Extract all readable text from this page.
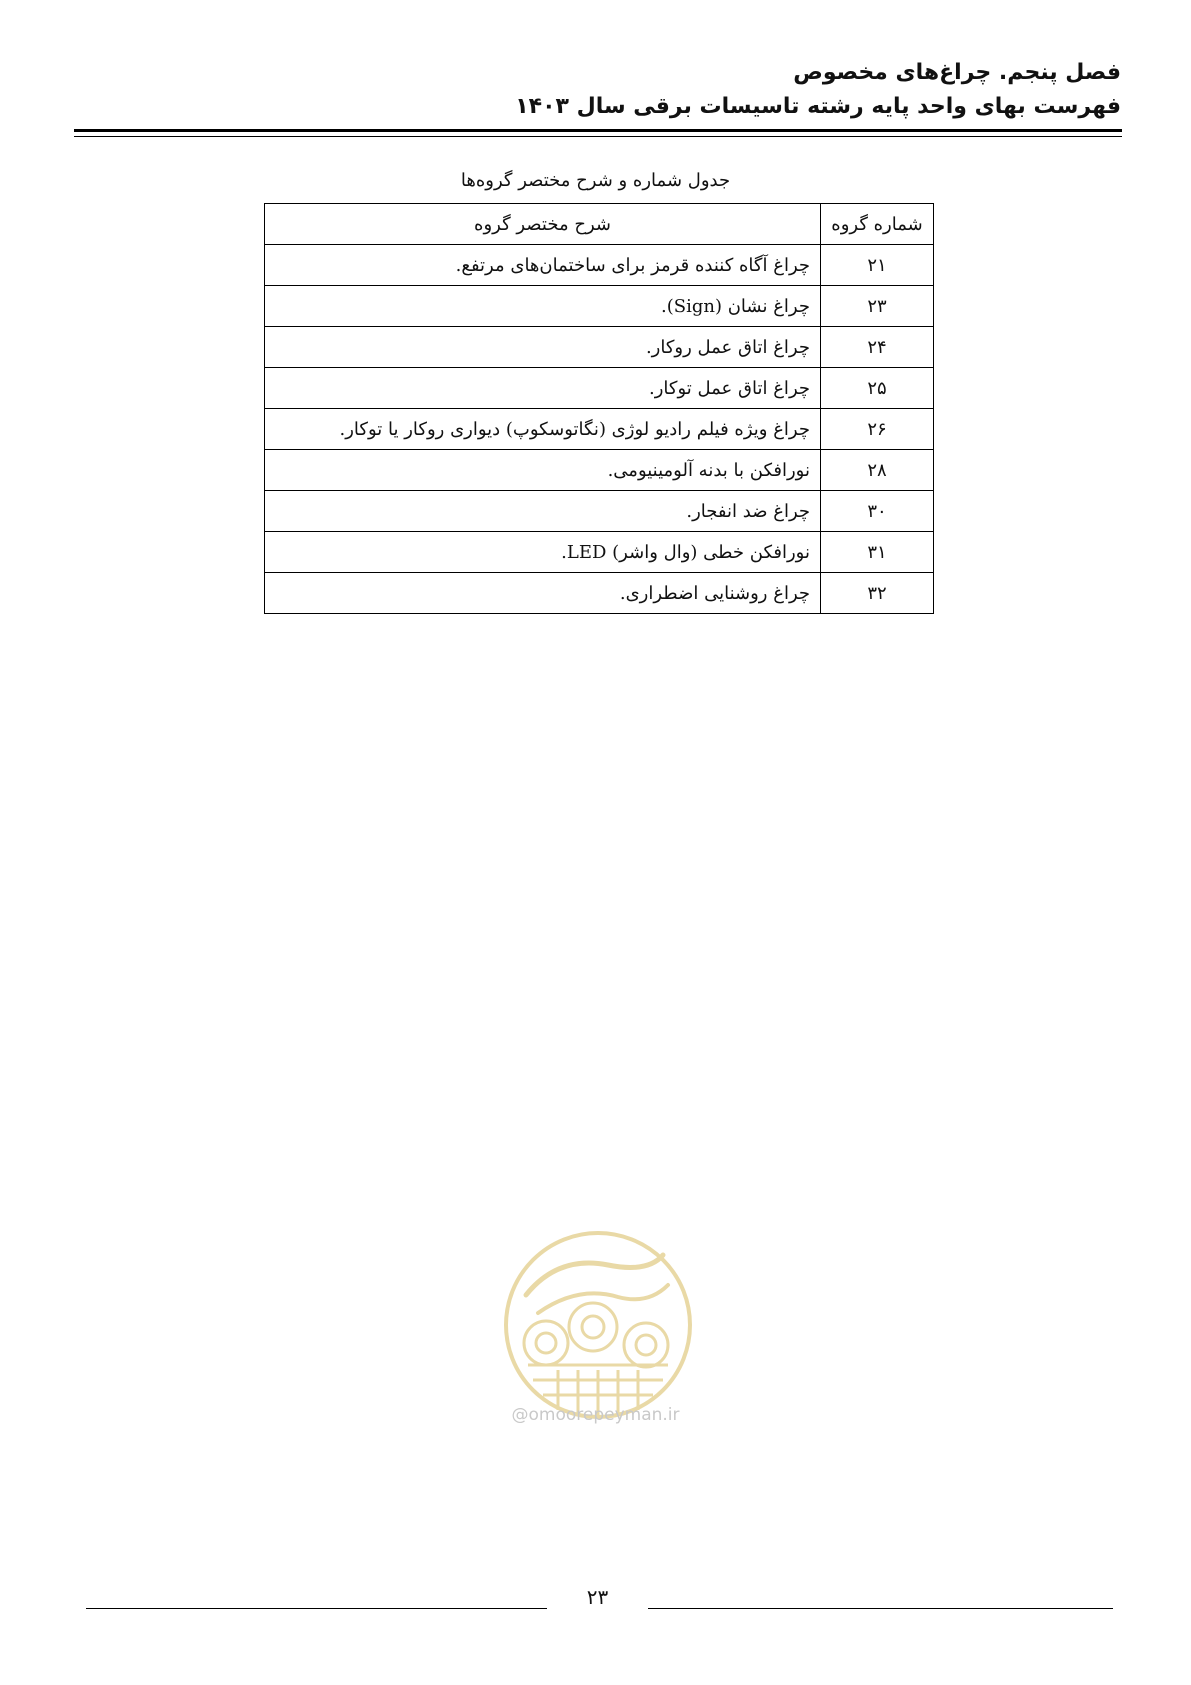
فصل پنجم. چراغ‌های مخصوص
فهرست بهای واحد پایه رشته تاسیسات برقی سال ۱۴۰۳
جدول شماره و شرح مختصر گروه‌ها
شماره گروه	شرح مختصر گروه
۲۱	چراغ آگاه کننده قرمز برای ساختمان‌های مرتفع.
۲۳	چراغ نشان (Sign).
۲۴	چراغ اتاق عمل روکار.
۲۵	چراغ اتاق عمل توکار.
۲۶	چراغ ویژه فیلم رادیو لوژی (نگاتوسکوپ) دیواری روکار یا توکار.
۲۸	نورافکن با بدنه آلومینیومی.
۳۰	چراغ ضد انفجار.
۳۱	نورافکن خطی (وال واشر) LED.
۳۲	چراغ روشنایی اضطراری.
@omoorepeyman.ir
۲۳
